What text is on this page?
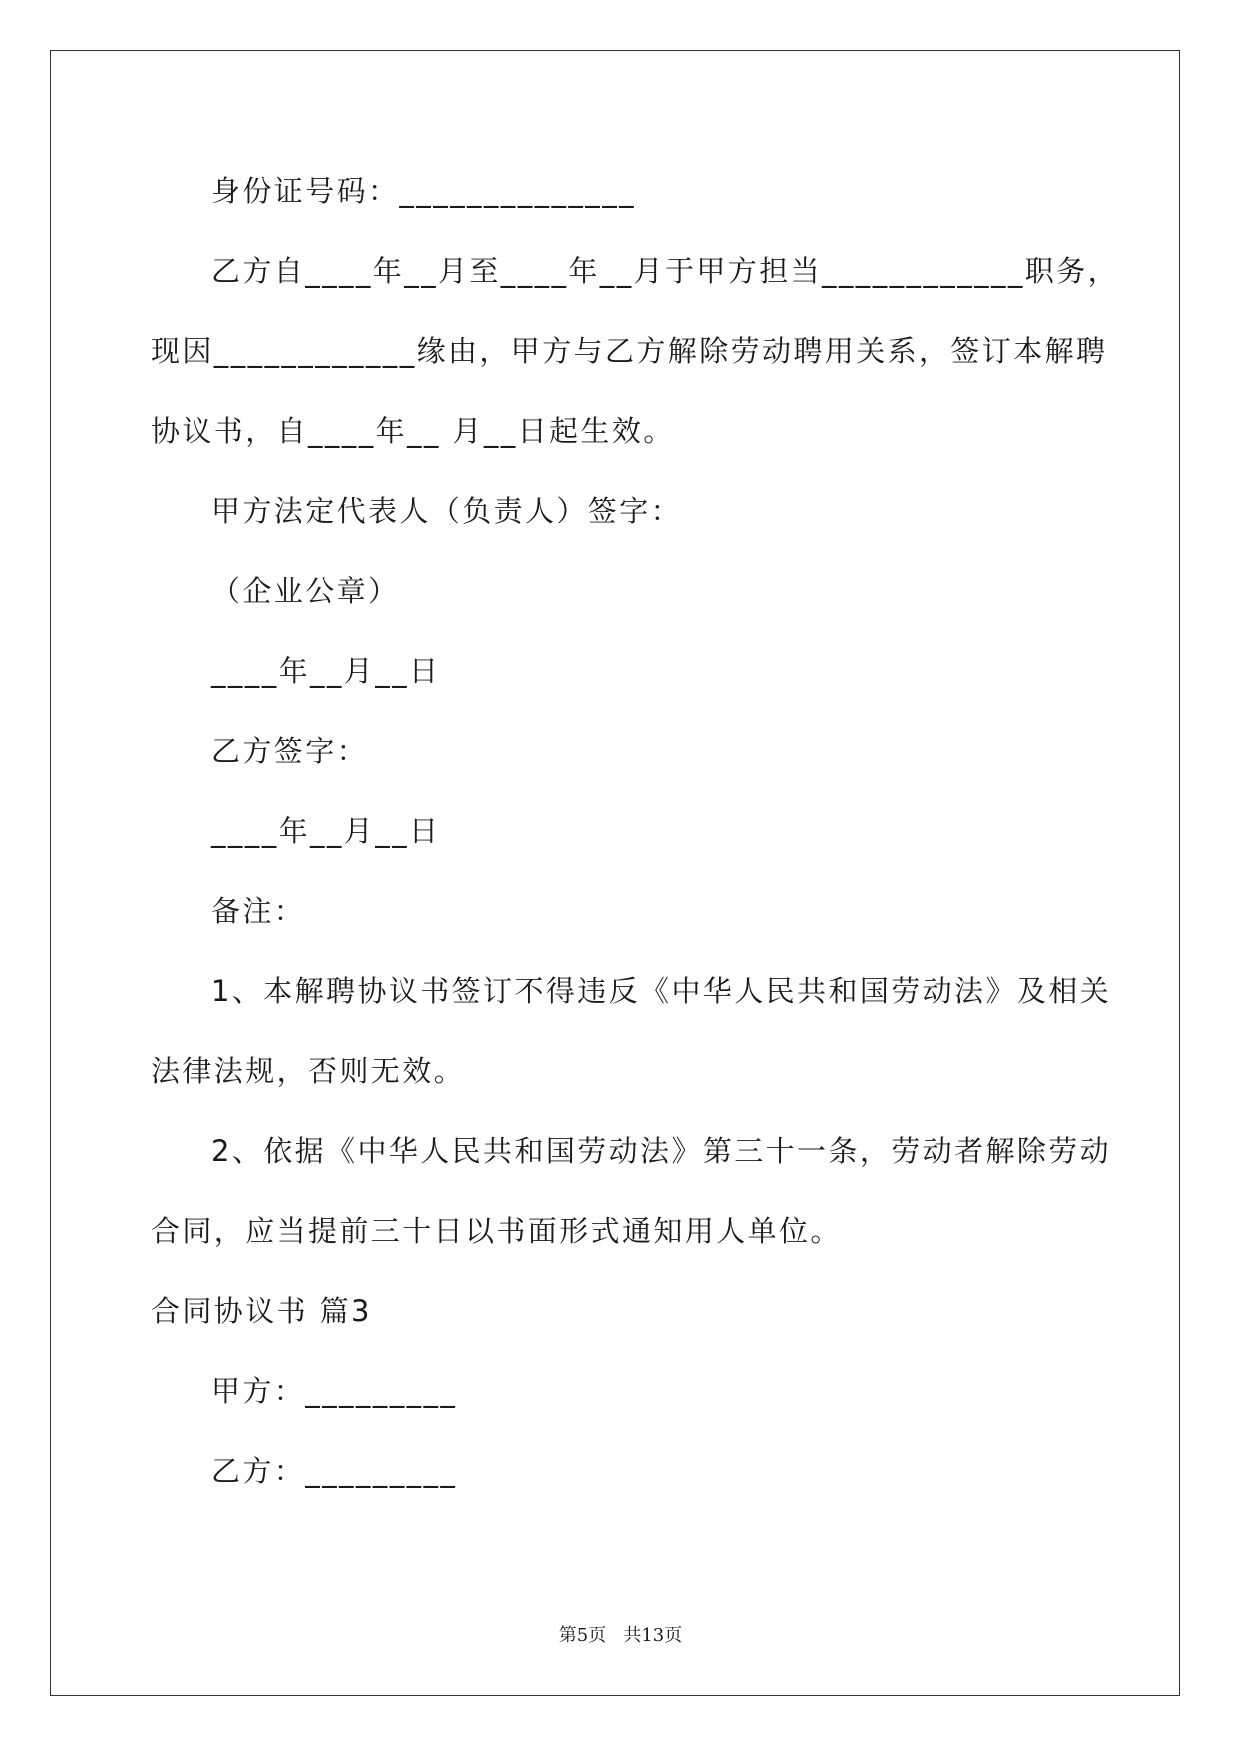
身份证号码：______________

乙方自____年__月至____年__月于甲方担当____________职务，

现因____________缘由，甲方与乙方解除劳动聘用关系，签订本解聘

协议书，自____年__ 月__日起生效。

甲方法定代表人（负责人）签字：

（企业公章）

____年__月__日

乙方签字：

____年__月__日

备注：

1、本解聘协议书签订不得违反《中华人民共和国劳动法》及相关

法律法规，否则无效。

2、依据《中华人民共和国劳动法》第三十一条，劳动者解除劳动

合同，应当提前三十日以书面形式通知用人单位。

合同协议书 篇3

甲方：_________

乙方：_________

第5页   共13页
